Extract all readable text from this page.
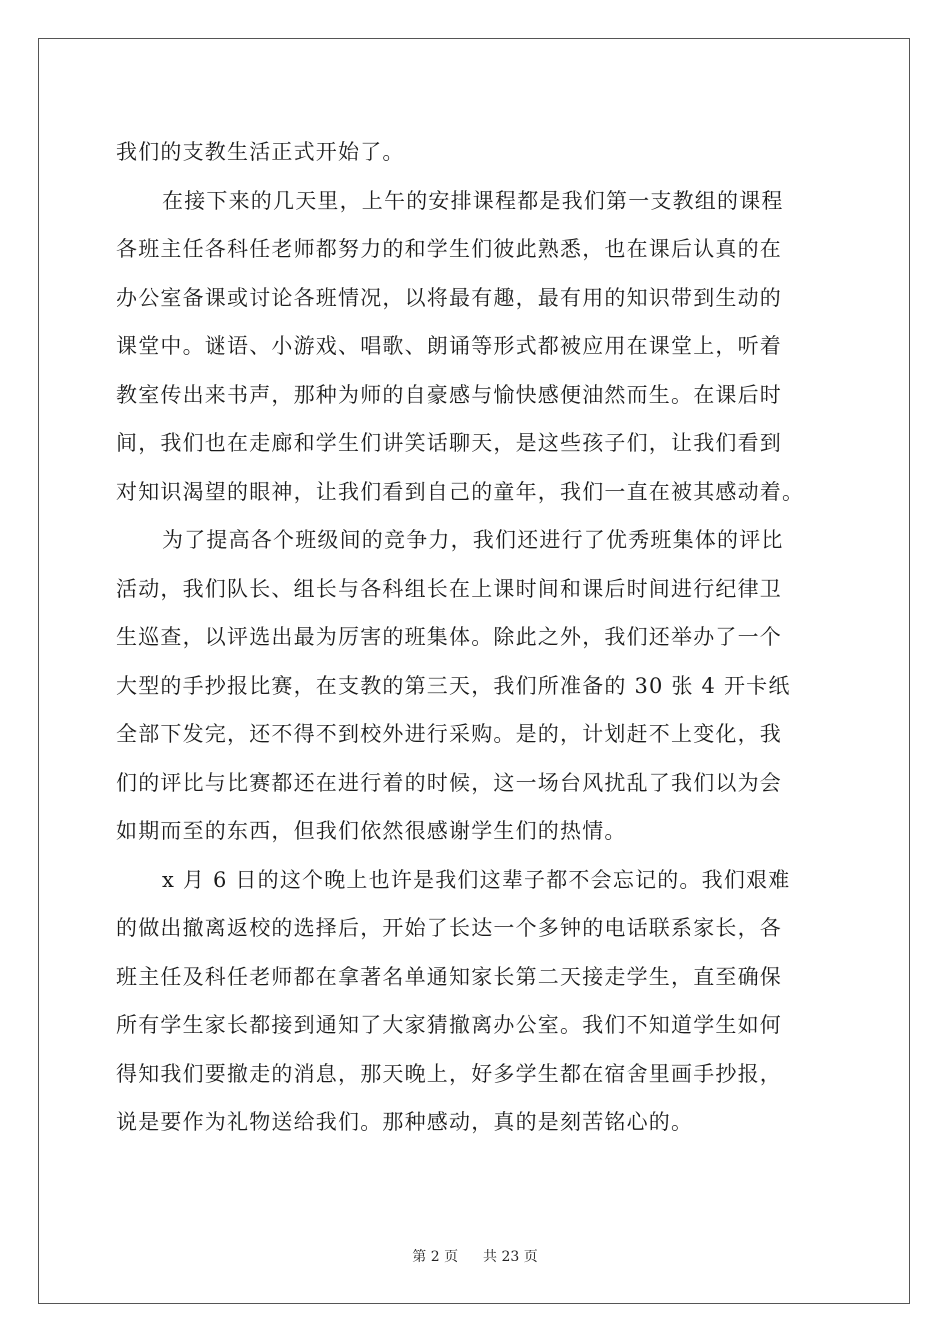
我们的支教生活正式开始了。
在接下来的几天里，上午的安排课程都是我们第一支教组的课程
各班主任各科任老师都努力的和学生们彼此熟悉，也在课后认真的在
办公室备课或讨论各班情况，以将最有趣，最有用的知识带到生动的
课堂中。谜语、小游戏、唱歌、朗诵等形式都被应用在课堂上，听着
教室传出来书声，那种为师的自豪感与愉快感便油然而生。在课后时
间，我们也在走廊和学生们讲笑话聊天，是这些孩子们，让我们看到
对知识渴望的眼神，让我们看到自己的童年，我们一直在被其感动着。
为了提高各个班级间的竞争力，我们还进行了优秀班集体的评比
活动，我们队长、组长与各科组长在上课时间和课后时间进行纪律卫
生巡查，以评选出最为厉害的班集体。除此之外，我们还举办了一个
大型的手抄报比赛，在支教的第三天，我们所准备的 30 张 4 开卡纸
全部下发完，还不得不到校外进行采购。是的，计划赶不上变化，我
们的评比与比赛都还在进行着的时候，这一场台风扰乱了我们以为会
如期而至的东西，但我们依然很感谢学生们的热情。
x 月 6 日的这个晚上也许是我们这辈子都不会忘记的。我们艰难
的做出撤离返校的选择后，开始了长达一个多钟的电话联系家长，各
班主任及科任老师都在拿著名单通知家长第二天接走学生，直至确保
所有学生家长都接到通知了大家猜撤离办公室。我们不知道学生如何
得知我们要撤走的消息，那天晚上，好多学生都在宿舍里画手抄报，
说是要作为礼物送给我们。那种感动，真的是刻苦铭心的。
第 2 页 共 23 页
